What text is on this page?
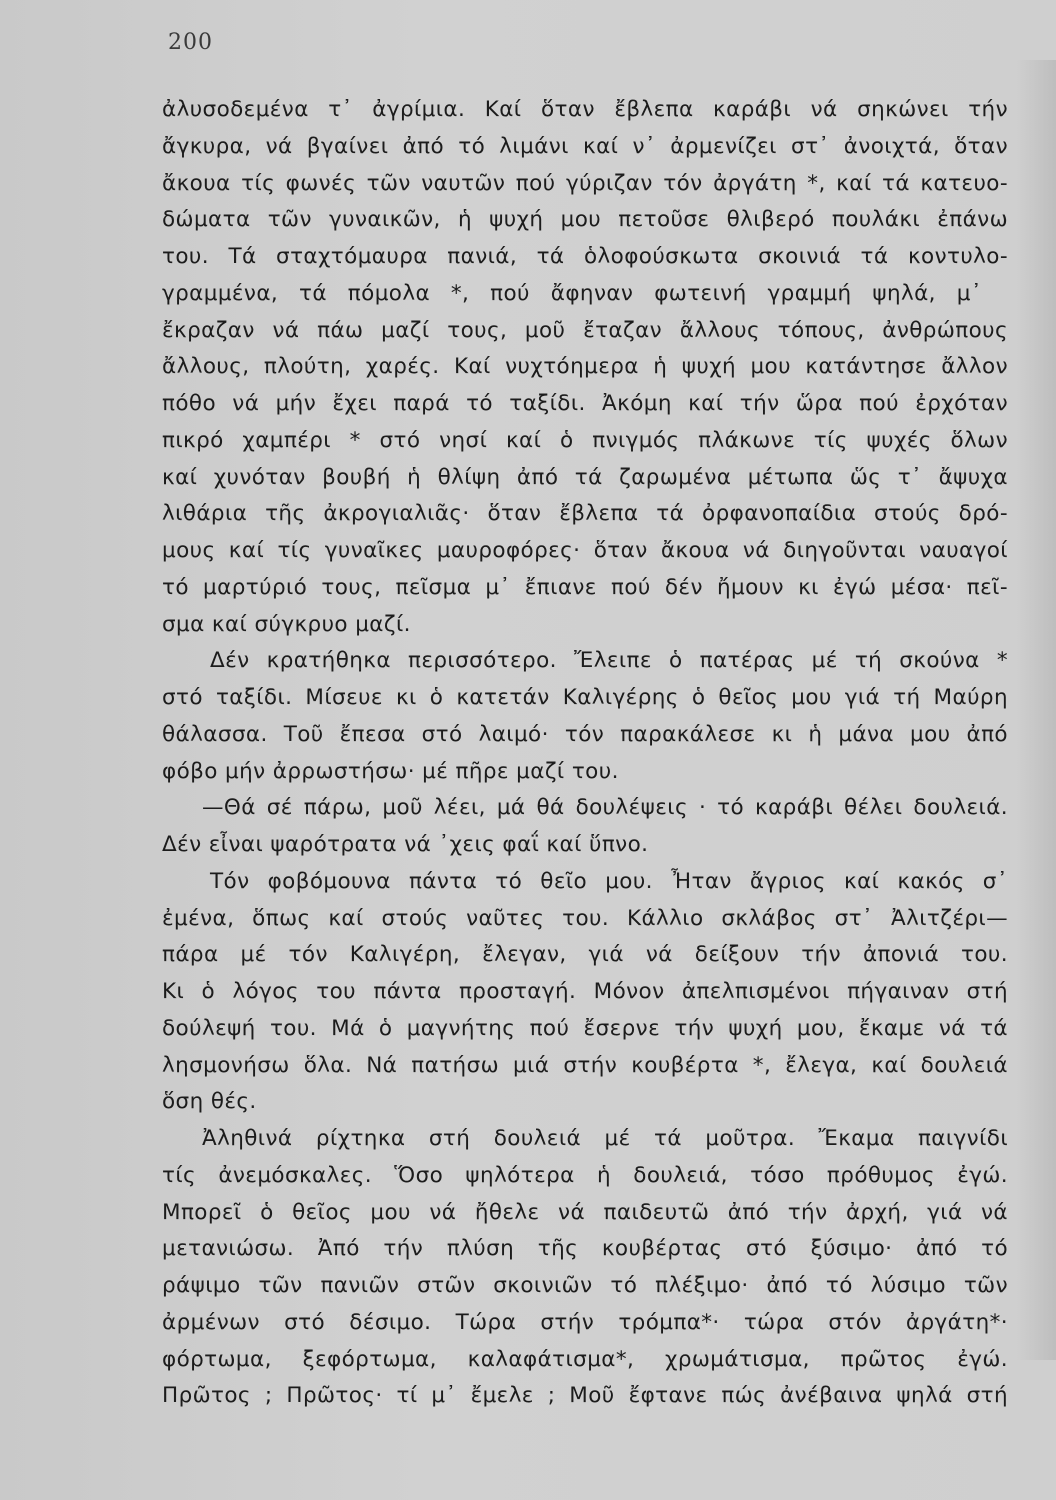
200
ἀλυσοδεμένα τ᾽ ἀγρίμια. Καί ὅταν ἔβλεπα καράβι νά σηκώνει τήν
ἄγκυρα, νά βγαίνει ἀπό τό λιμάνι καί ν᾽ ἀρμενίζει στ᾽ ἀνοιχτά, ὅταν
ἄκουα τίς φωνές τῶν ναυτῶν πού γύριζαν τόν ἀργάτη *, καί τά κατευο-
δώματα τῶν γυναικῶν, ἡ ψυχή μου πετοῦσε θλιβερό πουλάκι ἐπάνω
του. Τά σταχτόμαυρα πανιά, τά ὁλοφούσκωτα σκοινιά τά κοντυλο-
γραμμένα, τά πόμολα *, πού ἄφηναν φωτεινή γραμμή ψηλά, μ᾽
ἔκραζαν νά πάω μαζί τους, μοῦ ἔταζαν ἄλλους τόπους, ἀνθρώπους
ἄλλους, πλούτη, χαρές. Καί νυχτόημερα ἡ ψυχή μου κατάντησε ἄλλον
πόθο νά μήν ἔχει παρά τό ταξίδι. Ἀκόμη καί τήν ὥρα πού ἐρχόταν
πικρό χαμπέρι * στό νησί καί ὁ πνιγμός πλάκωνε τίς ψυχές ὅλων
καί χυνόταν βουβή ἡ θλίψη ἀπό τά ζαρωμένα μέτωπα ὥς τ᾽ ἄψυχα
λιθάρια τῆς ἀκρογιαλιᾶς· ὅταν ἔβλεπα τά ὀρφανοπαίδια στούς δρό-
μους καί τίς γυναῖκες μαυροφόρες· ὅταν ἄκουα νά διηγοῦνται ναυαγοί
τό μαρτύριό τους, πεῖσμα μ᾽ ἔπιανε πού δέν ἤμουν κι ἐγώ μέσα· πεῖ-
σμα καί σύγκρυο μαζί.
Δέν κρατήθηκα περισσότερο. Ἔλειπε ὁ πατέρας μέ τή σκούνα *
στό ταξίδι. Μίσευε κι ὁ κατετάν Καλιγέρης ὁ θεῖος μου γιά τή Μαύρη
θάλασσα. Τοῦ ἔπεσα στό λαιμό· τόν παρακάλεσε κι ἡ μάνα μου ἀπό
φόβο μήν ἀρρωστήσω· μέ πῆρε μαζί του.
—Θά σέ πάρω, μοῦ λέει, μά θά δουλέψεις · τό καράβι θέλει δουλειά.
Δέν εἶναι ψαρότρατα νά ᾽χεις φαΐ καί ὕπνο.
Τόν φοβόμουνα πάντα τό θεῖο μου. Ἦταν ἄγριος καί κακός σ᾽
ἐμένα, ὅπως καί στούς ναῦτες του. Κάλλιο σκλάβος στ᾽ Ἀλιτζέρι—
πάρα μέ τόν Καλιγέρη, ἔλεγαν, γιά νά δείξουν τήν ἀπονιά του.
Κι ὁ λόγος του πάντα προσταγή. Μόνον ἀπελπισμένοι πήγαιναν στή
δούλεψή του. Μά ὁ μαγνήτης πού ἔσερνε τήν ψυχή μου, ἔκαμε νά τά
λησμονήσω ὅλα. Νά πατήσω μιά στήν κουβέρτα *, ἔλεγα, καί δουλειά
ὅση θές.
Ἀληθινά ρίχτηκα στή δουλειά μέ τά μοῦτρα. Ἔκαμα παιγνίδι
τίς ἀνεμόσκαλες. Ὅσο ψηλότερα ἡ δουλειά, τόσο πρόθυμος ἐγώ.
Μπορεῖ ὁ θεῖος μου νά ἤθελε νά παιδευτῶ ἀπό τήν ἀρχή, γιά νά
μετανιώσω. Ἀπό τήν πλύση τῆς κουβέρτας στό ξύσιμο· ἀπό τό
ράψιμο τῶν πανιῶν στῶν σκοινιῶν τό πλέξιμο· ἀπό τό λύσιμο τῶν
ἀρμένων στό δέσιμο. Τώρα στήν τρόμπα*· τώρα στόν ἀργάτη*·
φόρτωμα, ξεφόρτωμα, καλαφάτισμα*, χρωμάτισμα, πρῶτος ἐγώ.
Πρῶτος ; Πρῶτος· τί μ᾽ ἔμελε ; Μοῦ ἔφτανε πώς ἀνέβαινα ψηλά στή
